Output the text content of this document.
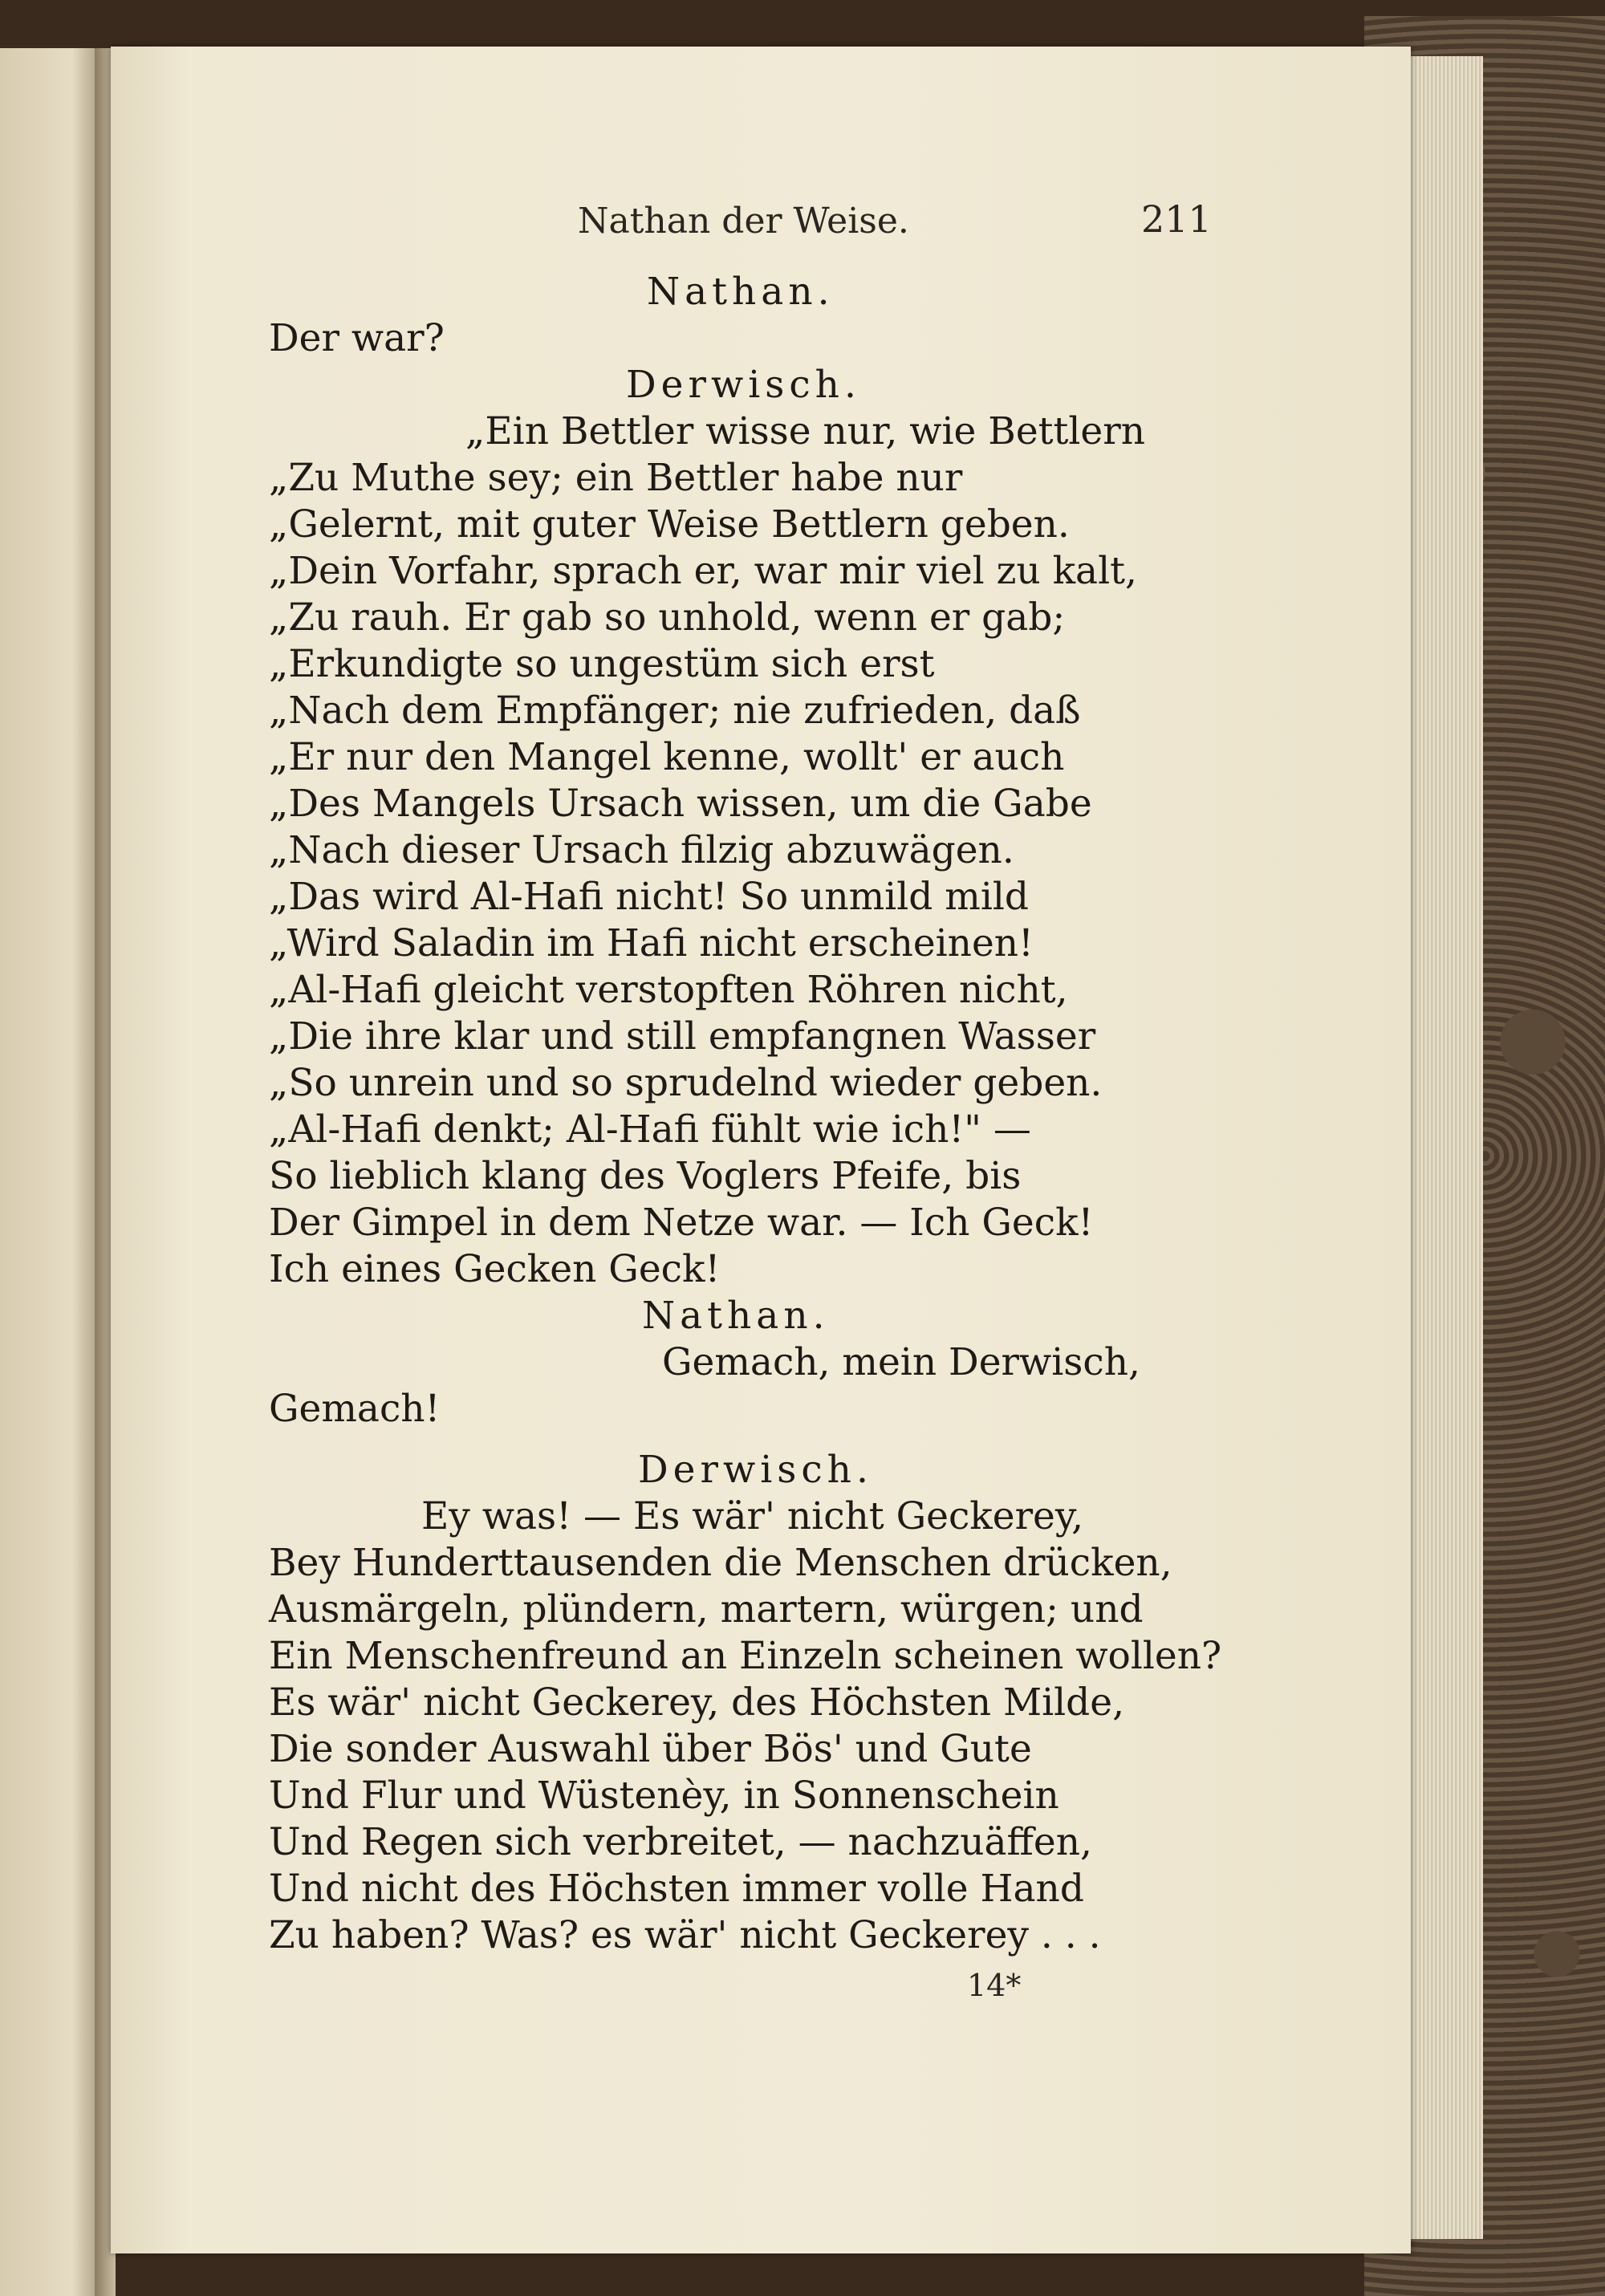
Nathan der Weise.	211
Nathan.
Der war?
Derwisch.
„Ein Bettler wisse nur, wie Bettlern
„Zu Muthe sey; ein Bettler habe nur
„Gelernt, mit guter Weise Bettlern geben.
„Dein Vorfahr, sprach er, war mir viel zu kalt,
„Zu rauh. Er gab so unhold, wenn er gab;
„Erkundigte so ungestüm sich erst
„Nach dem Empfänger; nie zufrieden, daß
„Er nur den Mangel kenne, wollt' er auch
„Des Mangels Ursach wissen, um die Gabe
„Nach dieser Ursach filzig abzuwägen.
„Das wird Al-Hafi nicht! So unmild mild
„Wird Saladin im Hafi nicht erscheinen!
„Al-Hafi gleicht verstopften Röhren nicht,
„Die ihre klar und still empfangnen Wasser
„So unrein und so sprudelnd wieder geben.
„Al-Hafi denkt; Al-Hafi fühlt wie ich!" —
So lieblich klang des Voglers Pfeife, bis
Der Gimpel in dem Netze war. — Ich Geck!
Ich eines Gecken Geck!
Nathan.
Gemach, mein Derwisch,
Gemach!
Derwisch.
Ey was! — Es wär' nicht Geckerey,
Bey Hunderttausenden die Menschen drücken,
Ausmärgeln, plündern, martern, würgen; und
Ein Menschenfreund an Einzeln scheinen wollen?
Es wär' nicht Geckerey, des Höchsten Milde,
Die sonder Auswahl über Bös' und Gute
Und Flur und Wüstenèy, in Sonnenschein
Und Regen sich verbreitet, — nachzuäffen,
Und nicht des Höchsten immer volle Hand
Zu haben? Was? es wär' nicht Geckerey . . .
14*
